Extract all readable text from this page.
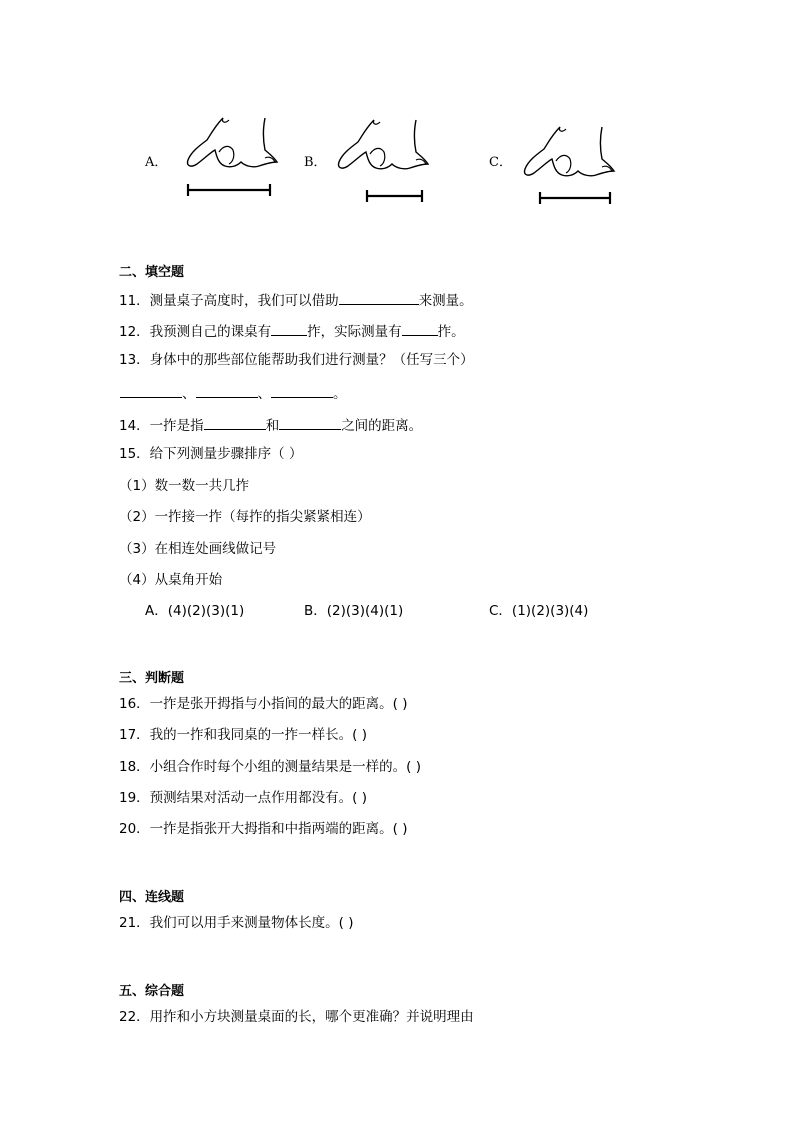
A．	B．	C．
二、填空题
11．测量桌子高度时，我们可以借助	来测量。
12．我预测自己的课桌有	拃，实际测量有	拃。
13．身体中的那些部位能帮助我们进行测量？（任写三个）
、	、	。
14．一拃是指	和	之间的距离。
15．给下列测量步骤排序（ ）
（1）数一数一共几拃
（2）一拃接一拃（每拃的指尖紧紧相连）
（3）在相连处画线做记号
（4）从桌角开始
A．(4)(2)(3)(1)	B．(2)(3)(4)(1)	C．(1)(2)(3)(4)
三、判断题
16．一拃是张开拇指与小指间的最大的距离。( )
17．我的一拃和我同桌的一拃一样长。( )
18．小组合作时每个小组的测量结果是一样的。( )
19．预测结果对活动一点作用都没有。( )
20．一拃是指张开大拇指和中指两端的距离。( )
四、连线题
21．我们可以用手来测量物体长度。( )
五、综合题
22．用拃和小方块测量桌面的长，哪个更准确？并说明理由
